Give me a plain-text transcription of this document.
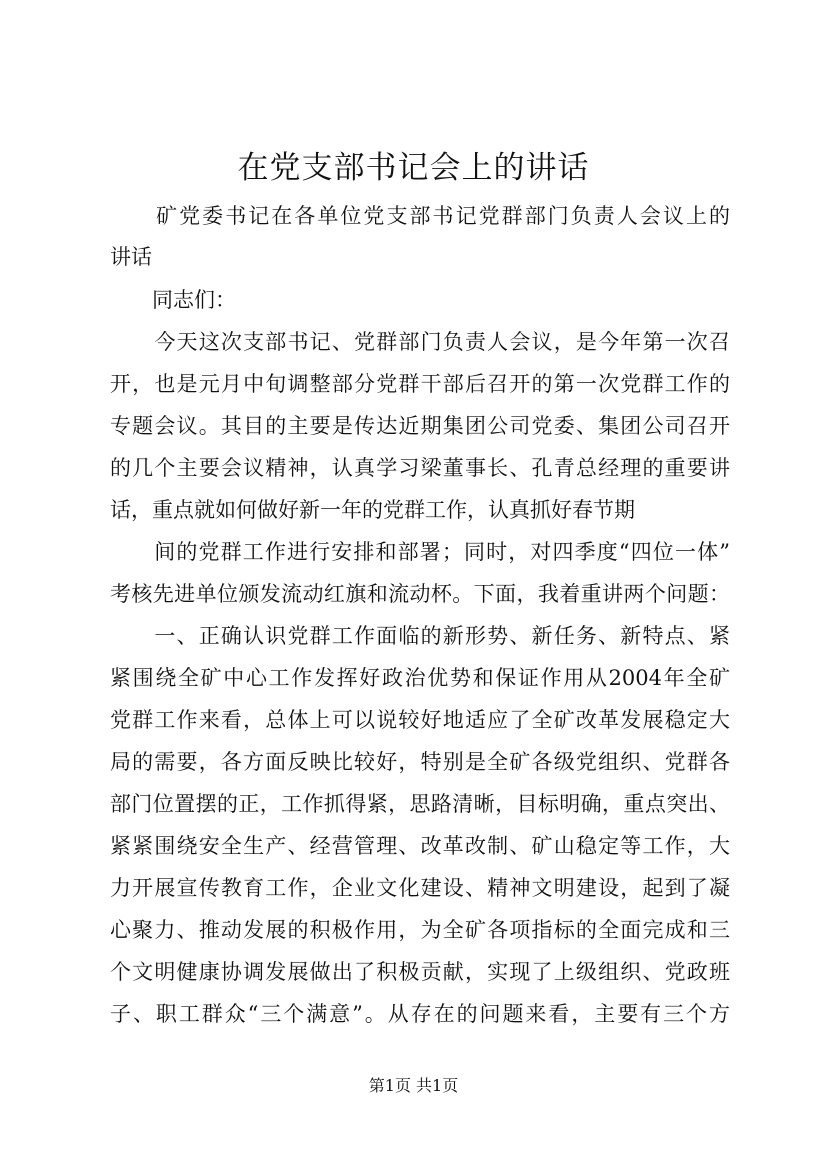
在党支部书记会上的讲话
　　矿党委书记在各单位党支部书记党群部门负责人会议上的
讲话
　　同志们：
　　今天这次支部书记、党群部门负责人会议，是今年第一次召
开，也是元月中旬调整部分党群干部后召开的第一次党群工作的
专题会议。其目的主要是传达近期集团公司党委、集团公司召开
的几个主要会议精神，认真学习梁董事长、孔青总经理的重要讲
话，重点就如何做好新一年的党群工作，认真抓好春节期
　　间的党群工作进行安排和部署；同时，对四季度“四位一体”
考核先进单位颁发流动红旗和流动杯。下面，我着重讲两个问题：
　　一、正确认识党群工作面临的新形势、新任务、新特点、紧
紧围绕全矿中心工作发挥好政治优势和保证作用从2004年全矿
党群工作来看，总体上可以说较好地适应了全矿改革发展稳定大
局的需要，各方面反映比较好，特别是全矿各级党组织、党群各
部门位置摆的正，工作抓得紧，思路清晰，目标明确，重点突出、
紧紧围绕安全生产、经营管理、改革改制、矿山稳定等工作，大
力开展宣传教育工作，企业文化建设、精神文明建设，起到了凝
心聚力、推动发展的积极作用，为全矿各项指标的全面完成和三
个文明健康协调发展做出了积极贡献，实现了上级组织、党政班
子、职工群众“三个满意”。从存在的问题来看，主要有三个方
第1页 共1页
